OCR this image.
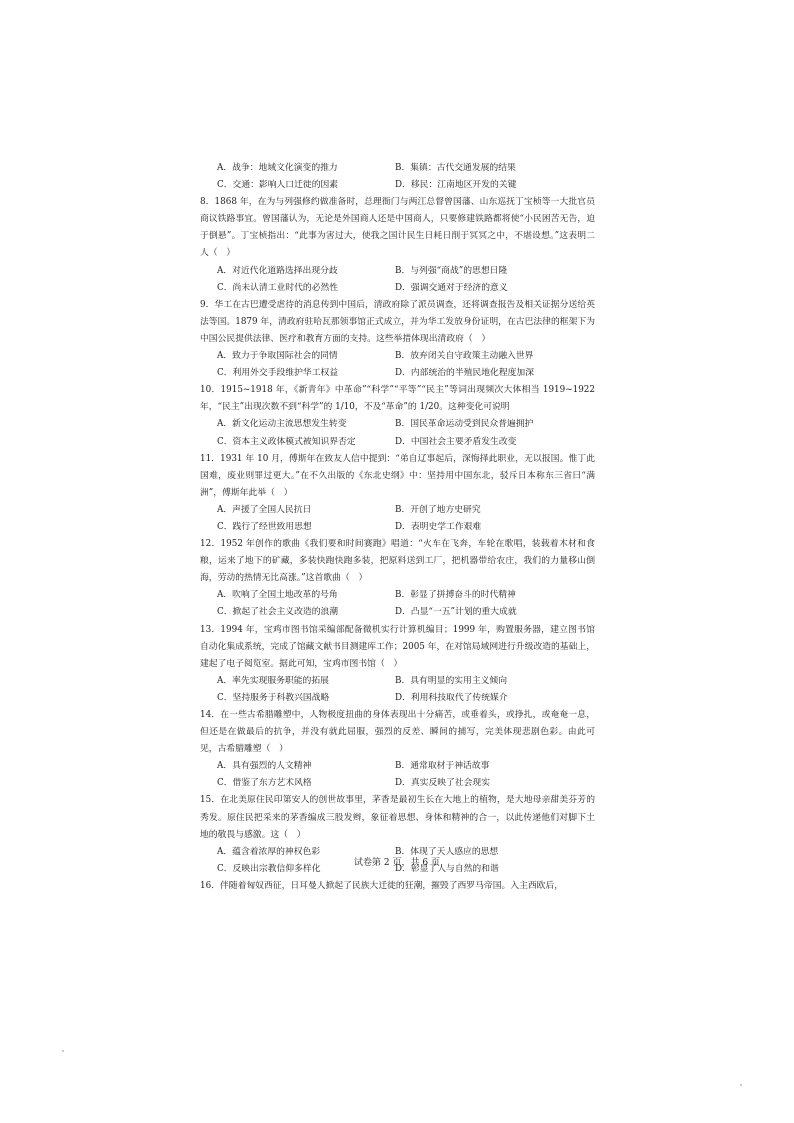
A．战争：地域文化演变的推力	B．集镇：古代交通发展的结果
C．交通：影响人口迁徙的因素	D．移民：江南地区开发的关键

8．1868 年，在为与列强修约做准备时，总理衙门与两江总督曾国藩、山东巡抚丁宝桢等一大批官员商议铁路事宜。曾国藩认为，无论是外国商人还是中国商人，只要修建铁路都将使“小民困苦无告，迫于倒悬”。丁宝桢指出：“此事为害过大，使我之国计民生日耗日削于冥冥之中，不堪设想。”这表明二人（　）

A．对近代化道路选择出现分歧	B．与列强“商战”的思想日隆
C．尚未认清工业时代的必然性	D．强调交通对于经济的意义

9．华工在古巴遭受虐待的消息传到中国后，清政府除了派员调查，还将调查报告及相关证据分送给英法等国。1879 年，清政府驻哈瓦那领事馆正式成立，并为华工发放身份证明，在古巴法律的框架下为中国公民提供法律、医疗和教育方面的支持。这些举措体现出清政府（　）

A．致力于争取国际社会的同情	B．放弃闭关自守政策主动融入世界
C．利用外交手段维护华工权益	D．内部统治的半殖民地化程度加深

10．1915~1918 年，《新青年》中革命”“科学”“平等”“民主”等词出现频次大体相当 1919~1922 年，“民主”出现次数不到“科学”的 1/10，不及“革命”的 1/20。这种变化可说明

A．新文化运动主流思想发生转变	B．国民革命运动受到民众普遍拥护
C．资本主义政体模式被知识界否定	D．中国社会主要矛盾发生改变

11．1931 年 10 月，傅斯年在致友人信中提到：“弟自辽事起后，深悔择此职业，无以报国。惟丁此国难，废业则罪过更大。”在不久出版的《东北史纲》中：坚持用中国东北，驳斥日本称东三省曰“满洲”，傅斯年此举（　）

A．声援了全国人民抗日	B．开创了地方史研究
C．践行了经世致用思想	D．表明史学工作艰难

12．1952 年创作的歌曲《我们要和时间赛跑》唱道：“火车在飞奔，车轮在歌唱，装载着木材和食粮，运来了地下的矿藏，多装快跑快跑多装，把原料送到工厂，把机器带给农庄，我们的力量移山倒海，劳动的热情无比高涨。”这首歌曲（　）

A．吹响了全国土地改革的号角	B．彰显了拼搏奋斗的时代精神
C．掀起了社会主义改造的浪潮	D．凸显“一五”计划的重大成就

13．1994 年，宝鸡市图书馆采编部配备微机实行计算机编目；1999 年，购置服务器，建立图书馆自动化集成系统，完成了馆藏文献书目测建库工作；2005 年，在对馆局域网进行升级改造的基础上，建起了电子阅览室。据此可知，宝鸡市图书馆（　）

A．率先实现服务职能的拓展	B．具有明显的实用主义倾向
C．坚持服务于科教兴国战略	D．利用科技取代了传统媒介

14．在一些古希腊雕塑中，人物极度扭曲的身体表现出十分痛苦，或垂着头，或挣扎，或奄奄一息，但还是在做最后的抗争，并没有就此屈服，强烈的反差、瞬间的捕写，完美体现悲剧色彩。由此可见，古希腊雕塑（　）

A．具有强烈的人文精神	B．通常取材于神话故事
C．借鉴了东方艺术风格	D．真实反映了社会现实

15．在北美原住民印第安人的创世故事里，茅香是最初生长在大地上的植物，是大地母亲甜美芬芳的秀发。原住民把采来的茅香编成三股发辫，象征着思想、身体和精神的合一，以此传递他们对脚下土地的敬畏与感激。这（　）

A．蕴含着浓厚的神权色彩	B．体现了天人感应的思想
C．反映出宗教信仰多样化	D．彰显了人与自然的和谐

16．伴随着匈奴西征，日耳曼人掀起了民族大迁徙的狂潮，摧毁了西罗马帝国。入主西欧后，

试卷第 2 页，共 6 页
